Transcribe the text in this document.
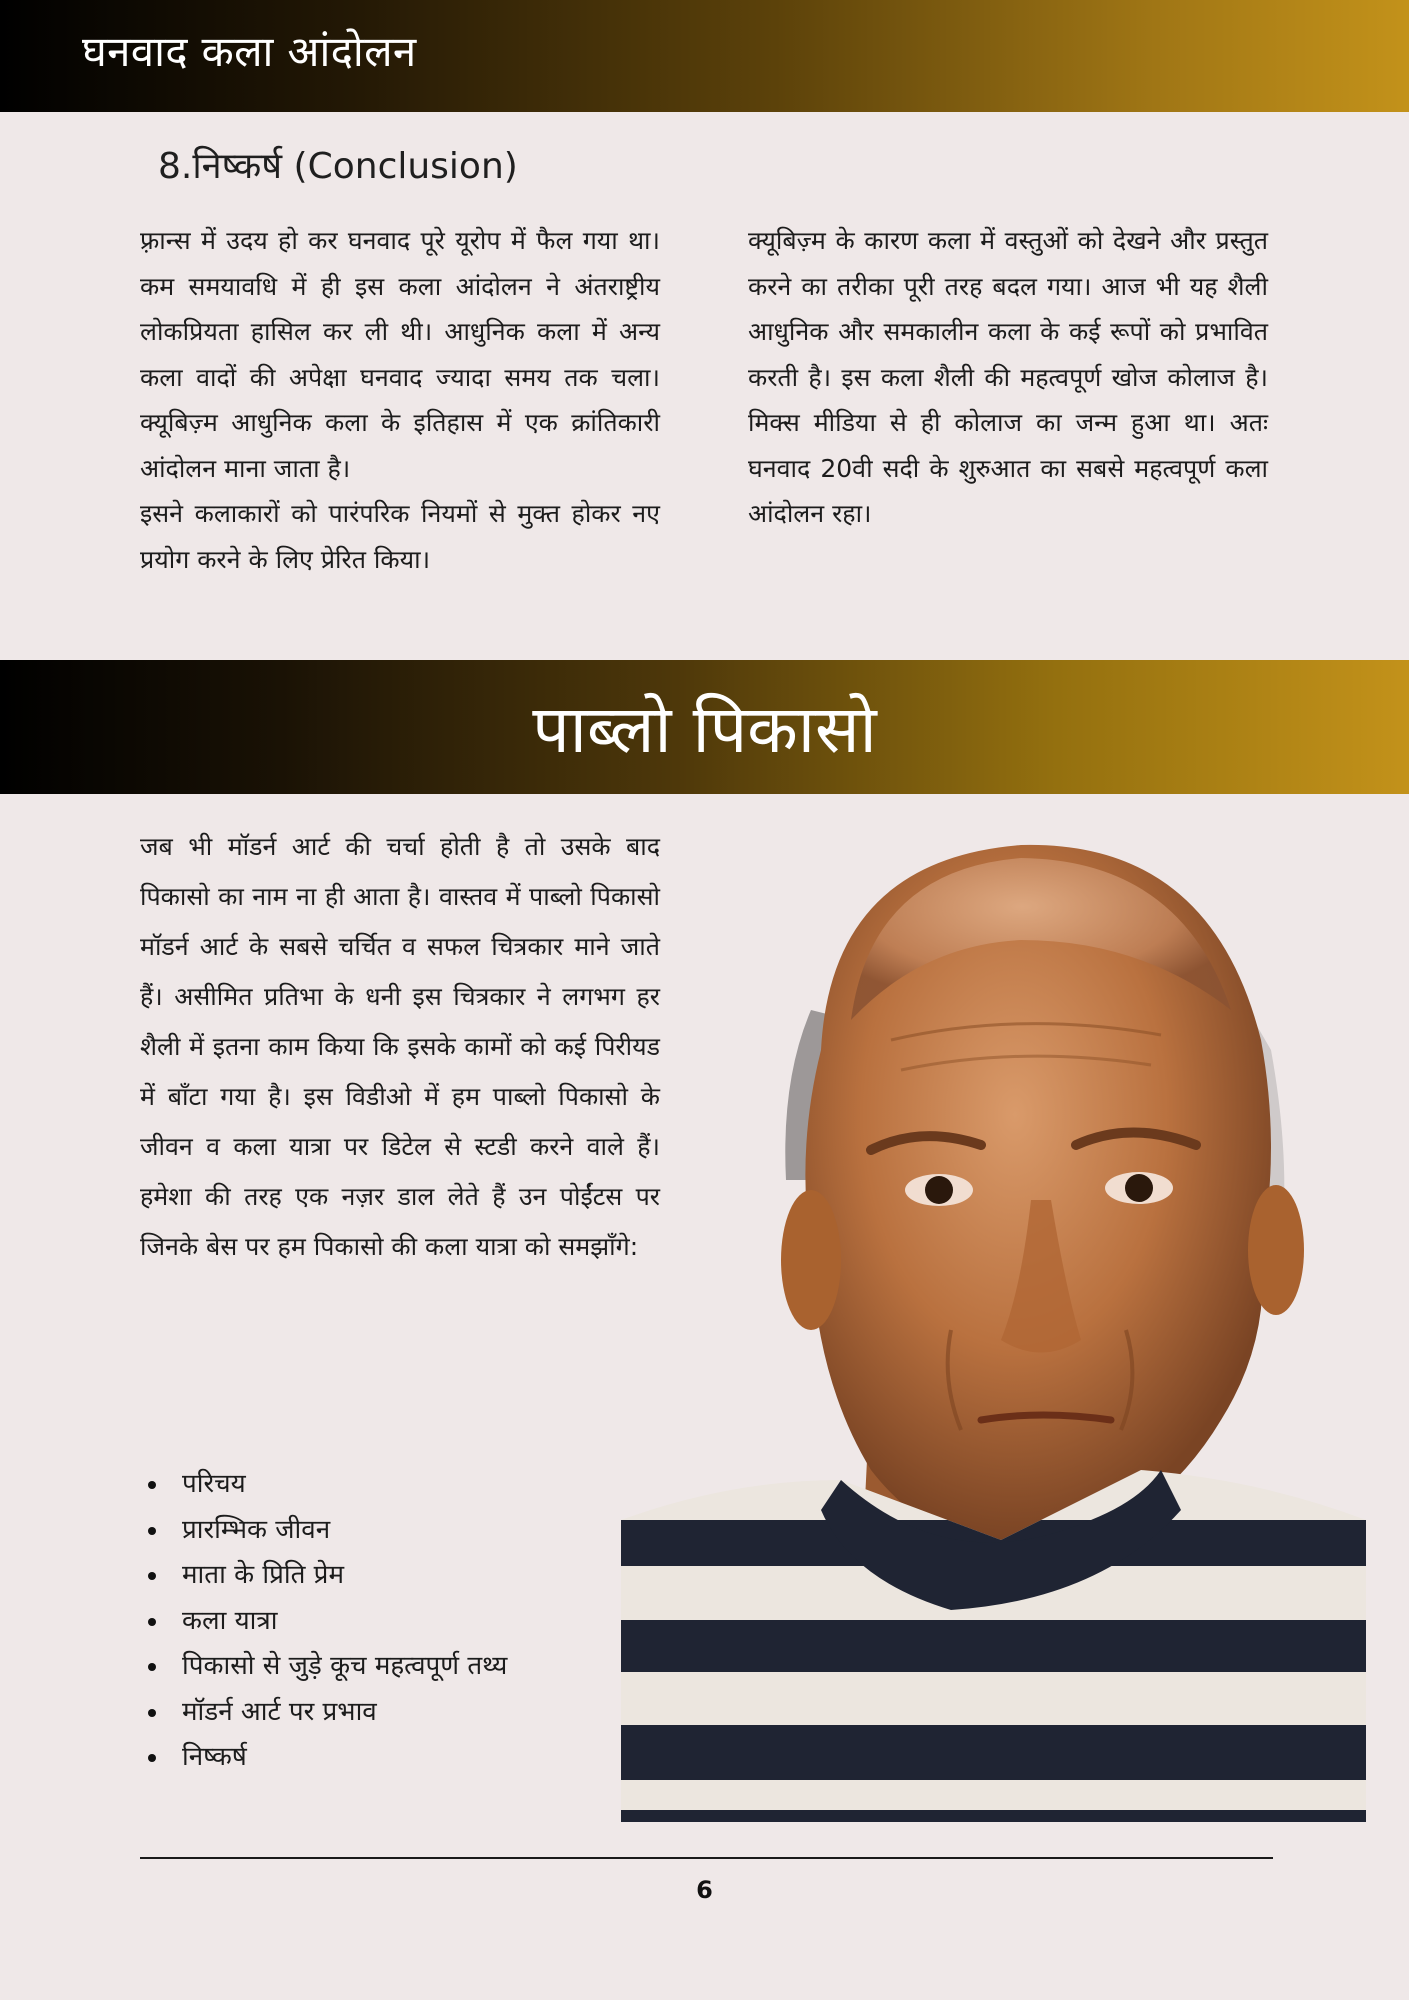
घनवाद कला आंदोलन
8.निष्कर्ष (Conclusion)

फ़्रान्स में उदय हो कर घनवाद पूरे यूरोप में फैल गया था। कम समयावधि में ही इस कला आंदोलन ने अंतराष्ट्रीय लोकप्रियता हासिल कर ली थी। आधुनिक कला में अन्य कला वादों की अपेक्षा घनवाद ज्यादा समय तक चला। क्यूबिज़्म आधुनिक कला के इतिहास में एक क्रांतिकारी आंदोलन माना जाता है।

इसने कलाकारों को पारंपरिक नियमों से मुक्त होकर नए प्रयोग करने के लिए प्रेरित किया।

क्यूबिज़्म के कारण कला में वस्तुओं को देखने और प्रस्तुत करने का तरीका पूरी तरह बदल गया। आज भी यह शैली आधुनिक और समकालीन कला के कई रूपों को प्रभावित करती है। इस कला शैली की महत्वपूर्ण खोज कोलाज है। मिक्स मीडिया से ही कोलाज का जन्म हुआ था। अतः घनवाद 20वी सदी के शुरुआत का सबसे महत्वपूर्ण कला आंदोलन रहा।

पाब्लो पिकासो

जब भी मॉडर्न आर्ट की चर्चा होती है तो उसके बाद पिकासो का नाम ना ही आता है। वास्तव में पाब्लो पिकासो मॉडर्न आर्ट के सबसे चर्चित व सफल चित्रकार माने जाते हैं। असीमित प्रतिभा के धनी इस चित्रकार ने लगभग हर शैली में इतना काम किया कि इसके कामों को कई पिरीयड में बाँटा गया है। इस विडीओ में हम पाब्लो पिकासो के जीवन व कला यात्रा पर डिटेल से स्टडी करने वाले हैं। हमेशा की तरह एक नज़र डाल लेते हैं उन पोईंटस पर जिनके बेस पर हम पिकासो की कला यात्रा को समझाँगे:

परिचय
प्रारम्भिक जीवन
माता के प्रिति प्रेम
कला यात्रा
पिकासो से जुड़े कूच महत्वपूर्ण तथ्य
मॉडर्न आर्ट पर प्रभाव
निष्कर्ष
6
